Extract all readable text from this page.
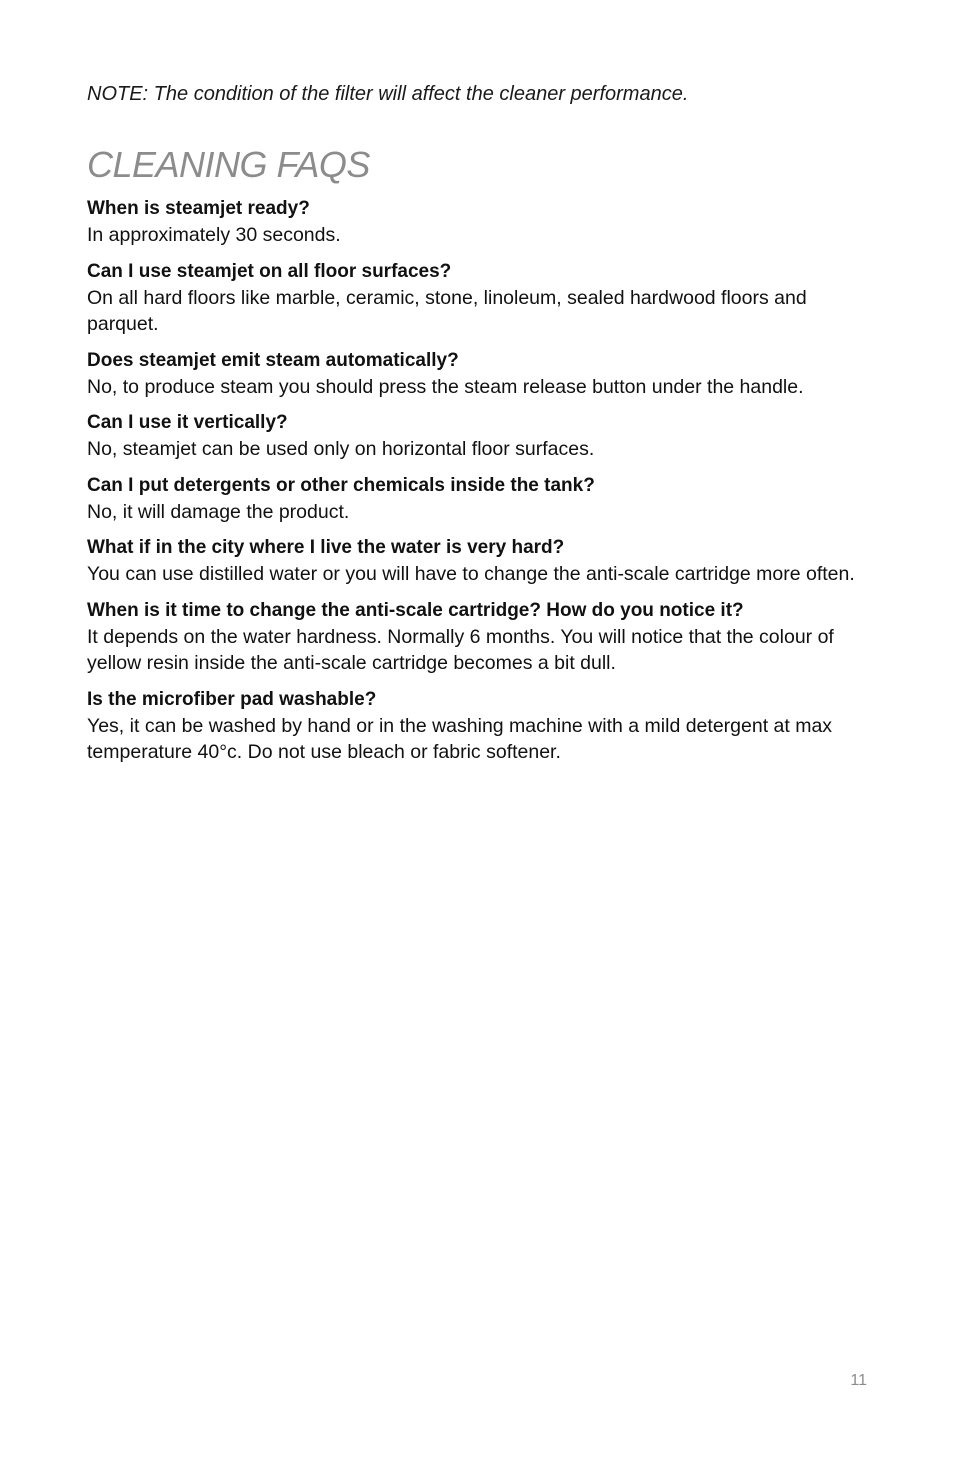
NOTE: The condition of the filter will affect the cleaner performance.

CLEANING FAQS

When is steamjet ready?

In approximately 30 seconds.

Can I use steamjet on all floor surfaces?

On all hard floors like marble, ceramic, stone, linoleum, sealed hardwood floors and parquet.

Does steamjet emit steam automatically?

No, to produce steam you should press the steam release button under the handle.

Can I use it vertically?

No, steamjet can be used only on horizontal floor surfaces.

Can I put detergents or other chemicals inside the tank?

No, it will damage the product.

What if in the city where I live the water is very hard?

You can use distilled water or you will have to change the anti-scale cartridge more often.

When is it time to change the anti-scale cartridge? How do you notice it?

It depends on the water hardness. Normally 6 months. You will notice that the colour of yellow resin inside the anti-scale cartridge becomes a bit dull.

Is the microfiber pad washable?

Yes, it can be washed by hand or in the washing machine with a mild detergent at max temperature 40°c. Do not use bleach or fabric softener.

11
